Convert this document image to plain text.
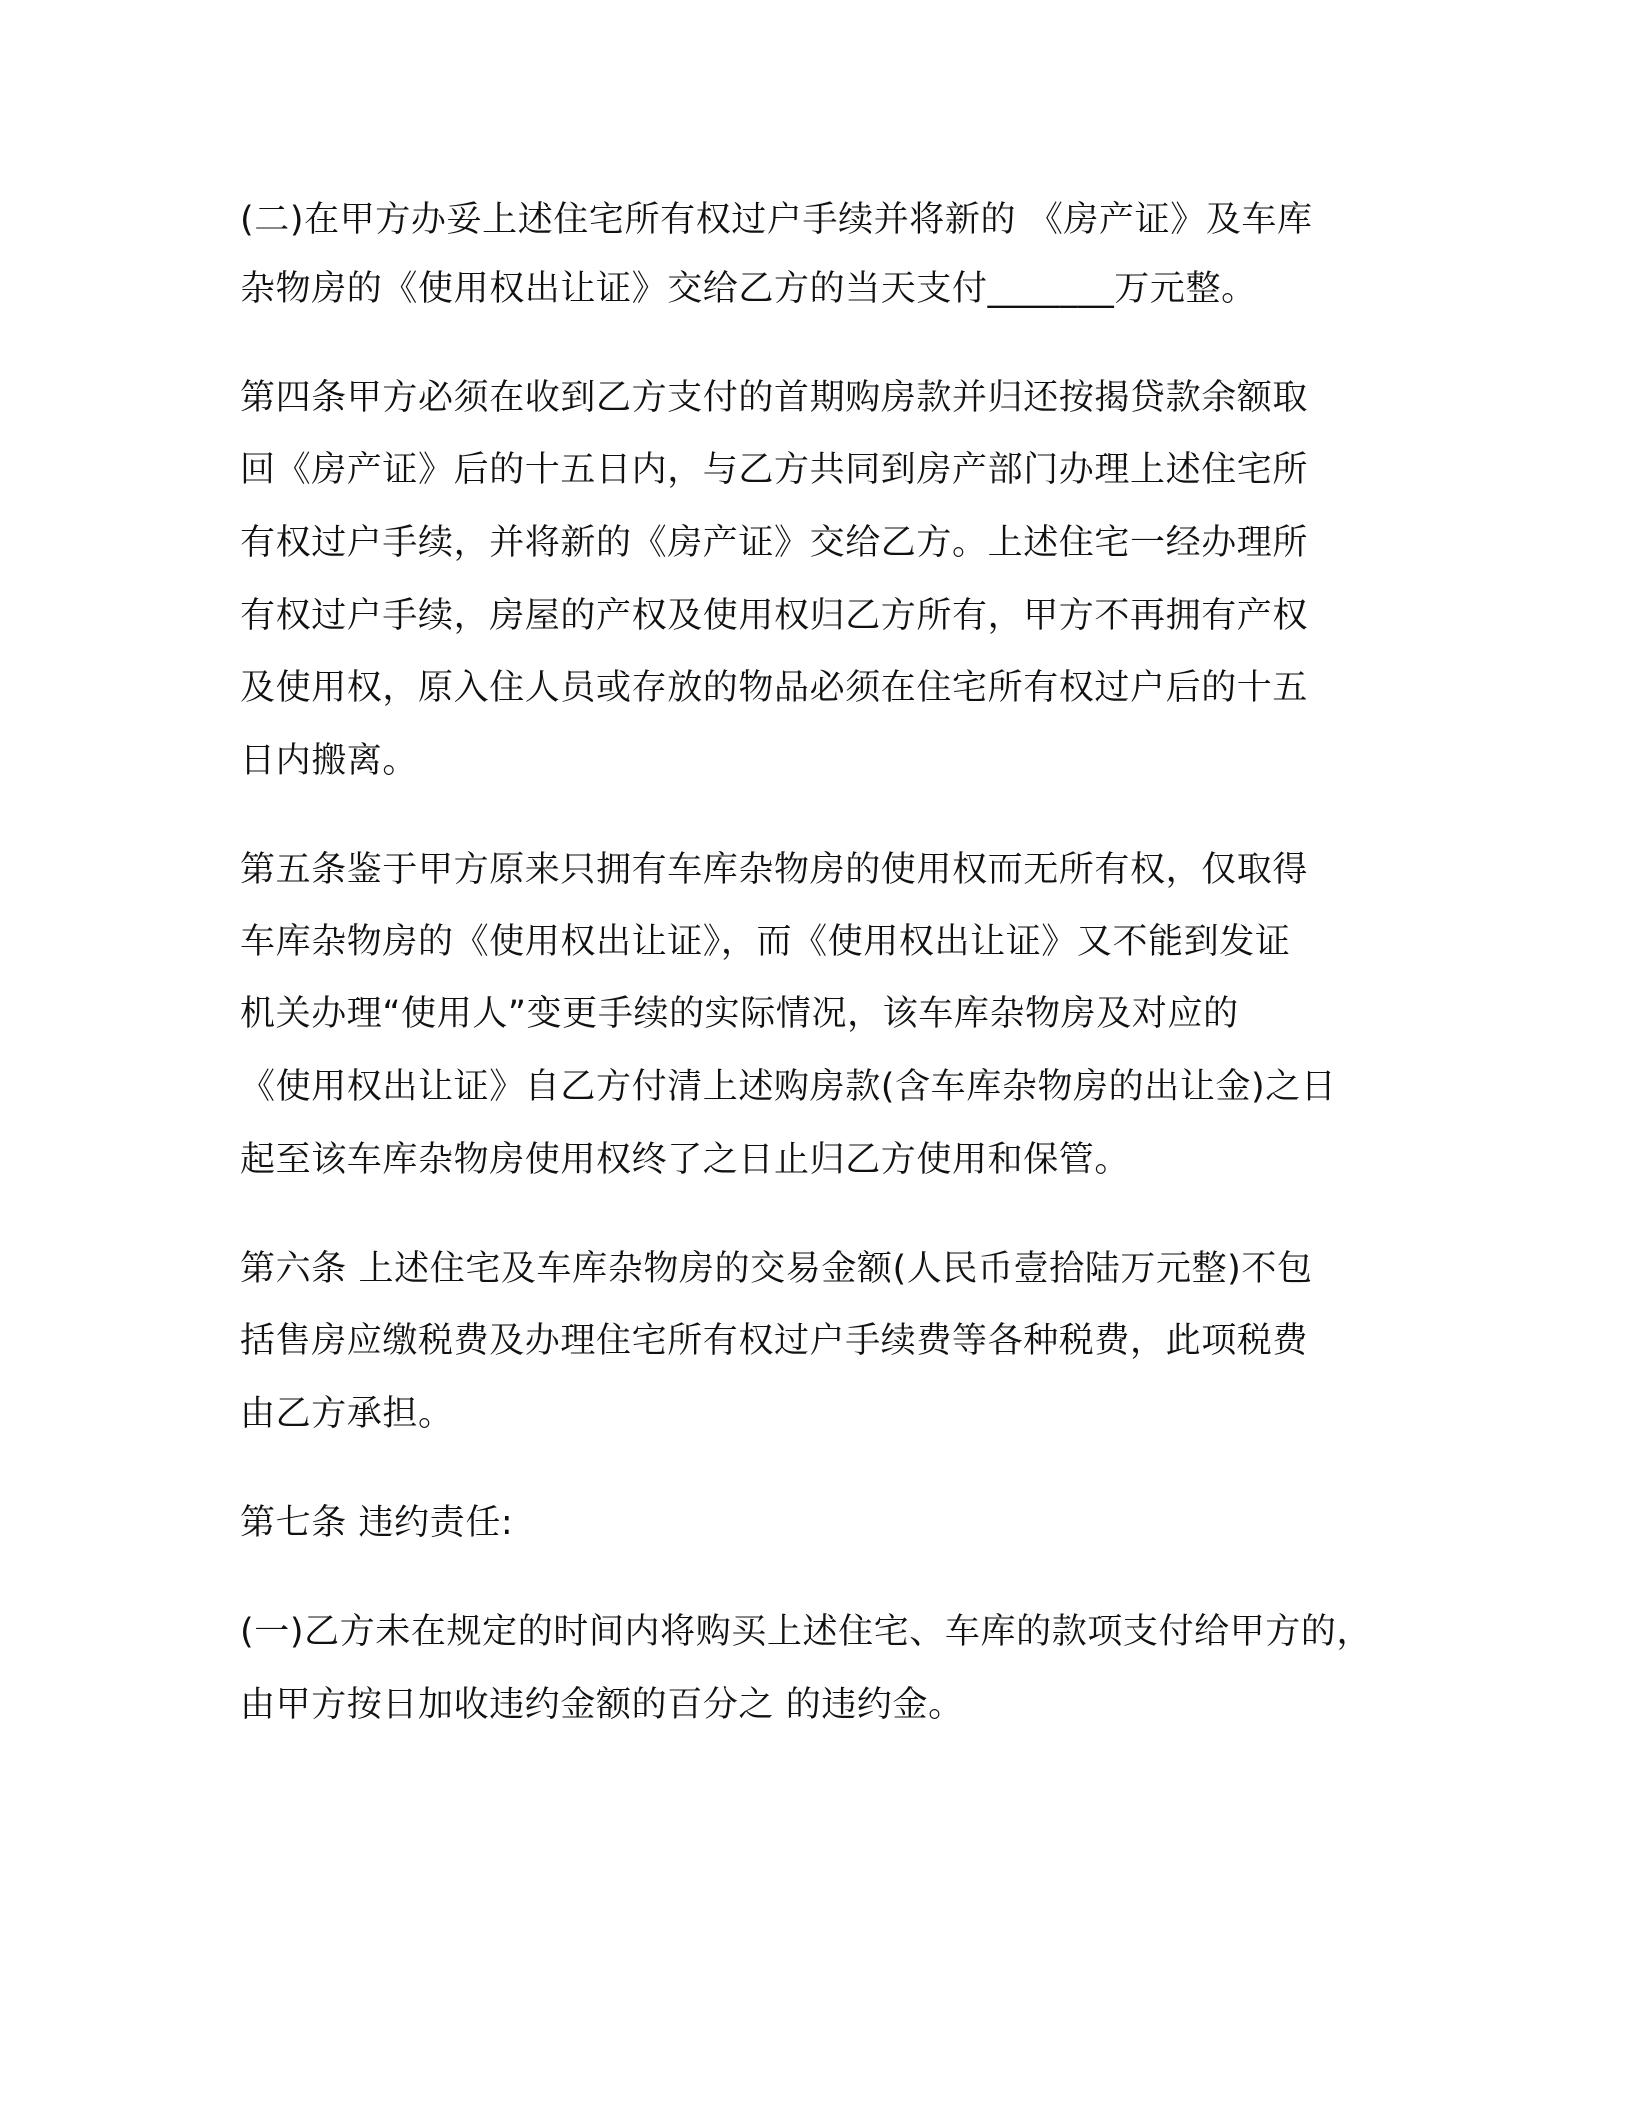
(二)在甲方办妥上述住宅所有权过户手续并将新的 《房产证》及车库
杂物房的《使用权出让证》交给乙方的当天支付_______万元整。
第四条甲方必须在收到乙方支付的首期购房款并归还按揭贷款余额取
回《房产证》后的十五日内，与乙方共同到房产部门办理上述住宅所
有权过户手续，并将新的《房产证》交给乙方。上述住宅一经办理所
有权过户手续，房屋的产权及使用权归乙方所有，甲方不再拥有产权
及使用权，原入住人员或存放的物品必须在住宅所有权过户后的十五
日内搬离。
第五条鉴于甲方原来只拥有车库杂物房的使用权而无所有权，仅取得
车库杂物房的《使用权出让证》，而《使用权出让证》又不能到发证
机关办理“使用人”变更手续的实际情况，该车库杂物房及对应的
《使用权出让证》自乙方付清上述购房款(含车库杂物房的出让金)之日
起至该车库杂物房使用权终了之日止归乙方使用和保管。
第六条 上述住宅及车库杂物房的交易金额(人民币壹拾陆万元整)不包
括售房应缴税费及办理住宅所有权过户手续费等各种税费，此项税费
由乙方承担。
第七条 违约责任:
(一)乙方未在规定的时间内将购买上述住宅、车库的款项支付给甲方的，
由甲方按日加收违约金额的百分之 的违约金。
